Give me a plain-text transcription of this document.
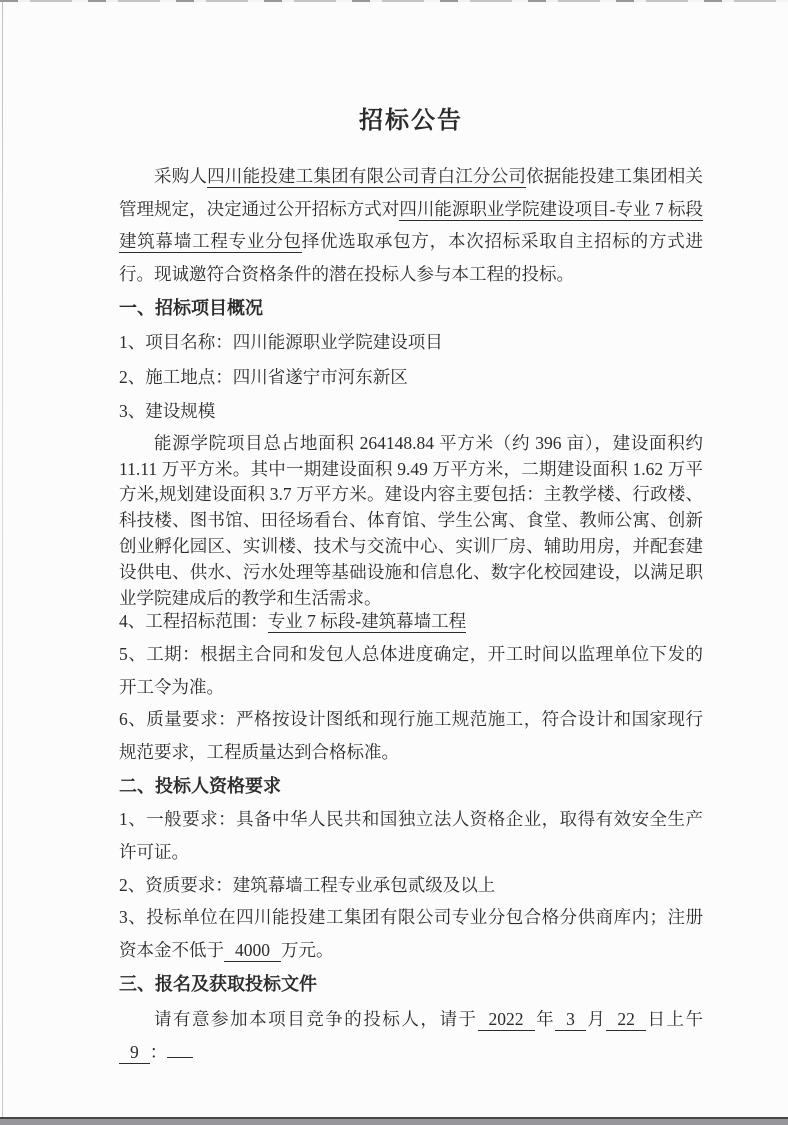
招标公告

采购人四川能投建工集团有限公司青白江分公司依据能投建工集团相关管理规定，决定通过公开招标方式对四川能源职业学院建设项目-专业 7 标段建筑幕墙工程专业分包择优选取承包方，本次招标采取自主招标的方式进行。现诚邀符合资格条件的潜在投标人参与本工程的投标。

一、招标项目概况

1、项目名称：四川能源职业学院建设项目

2、施工地点：四川省遂宁市河东新区

3、建设规模

能源学院项目总占地面积 264148.84 平方米（约 396 亩），建设面积约 11.11 万平方米。其中一期建设面积 9.49 万平方米，二期建设面积 1.62 万平方米,规划建设面积 3.7 万平方米。建设内容主要包括：主教学楼、行政楼、科技楼、图书馆、田径场看台、体育馆、学生公寓、食堂、教师公寓、创新创业孵化园区、实训楼、技术与交流中心、实训厂房、辅助用房，并配套建设供电、供水、污水处理等基础设施和信息化、数字化校园建设，以满足职业学院建成后的教学和生活需求。

4、工程招标范围：专业 7 标段-建筑幕墙工程

5、工期：根据主合同和发包人总体进度确定，开工时间以监理单位下发的开工令为准。

6、质量要求：严格按设计图纸和现行施工规范施工，符合设计和国家现行规范要求，工程质量达到合格标准。

二、投标人资格要求

1、一般要求：具备中华人民共和国独立法人资格企业，取得有效安全生产许可证。

2、资质要求：建筑幕墙工程专业承包贰级及以上

3、投标单位在四川能投建工集团有限公司专业分包合格分供商库内；注册资本金不低于 4000 万元。

三、报名及获取投标文件

请有意参加本项目竞争的投标人，请于 2022 年 3 月 22 日上午9 ：
